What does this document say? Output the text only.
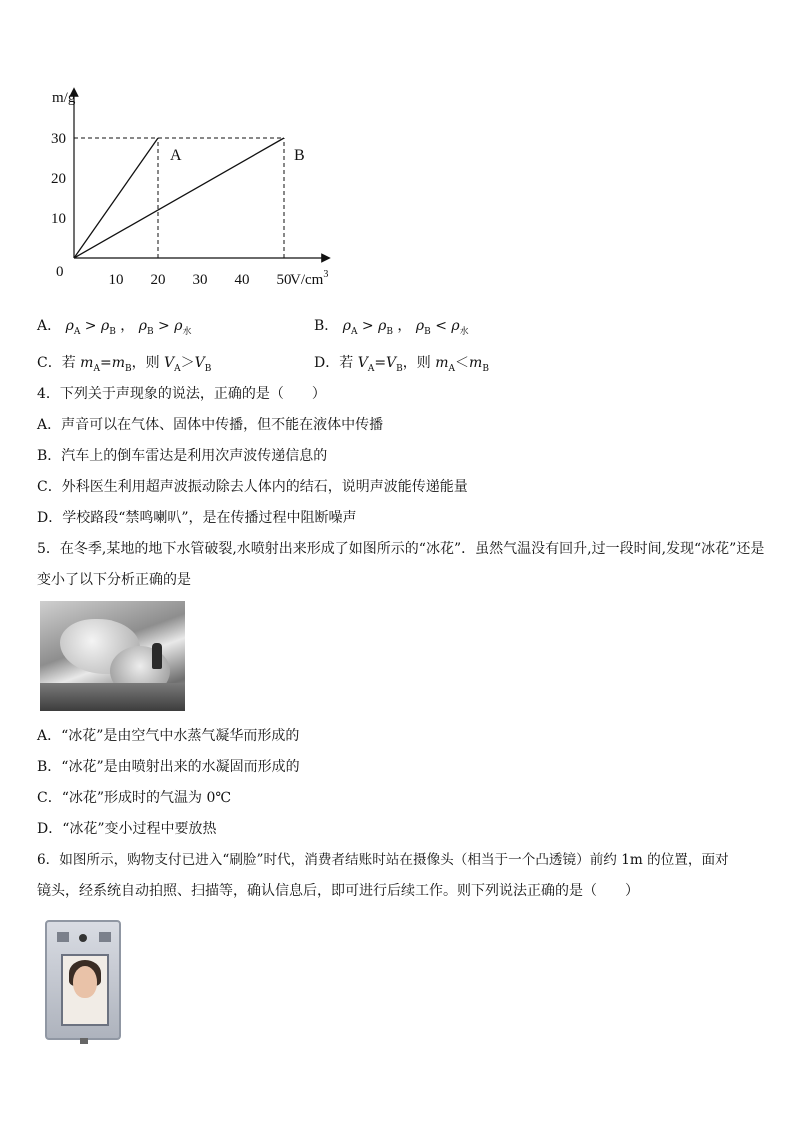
A	B
10 20 30 40 50
10
20
30
m/g
0	$V/cm^3$
A． $\rho_A > \rho_B$ ， $\rho_B > \rho_水$	B． $\rho_A > \rho_B$ ， $\rho_B < \rho_水$
C．若 $m_A=m_B$，则 $V_A>V_B$	D．若 $V_A=V_B$，则 $m_A<m_B$
4．下列关于声现象的说法，正确的是（　　）
A．声音可以在气体、固体中传播，但不能在液体中传播
B．汽车上的倒车雷达是利用次声波传递信息的
C．外科医生利用超声波振动除去人体内的结石，说明声波能传递能量
D．学校路段“禁鸣喇叭”，是在传播过程中阻断噪声
5．在冬季,某地的地下水管破裂,水喷射出来形成了如图所示的“冰花”．虽然气温没有回升,过一段时间,发现“冰花”还是
变小了以下分析正确的是
A．“冰花”是由空气中水蒸气凝华而形成的
B．“冰花”是由喷射出来的水凝固而形成的
C．“冰花”形成时的气温为 0℃
D．“冰花”变小过程中要放热
6．如图所示，购物支付已进入“刷脸”时代，消费者结账时站在摄像头（相当于一个凸透镜）前约 1m 的位置，面对
镜头，经系统自动拍照、扫描等，确认信息后，即可进行后续工作。则下列说法正确的是（　　）
